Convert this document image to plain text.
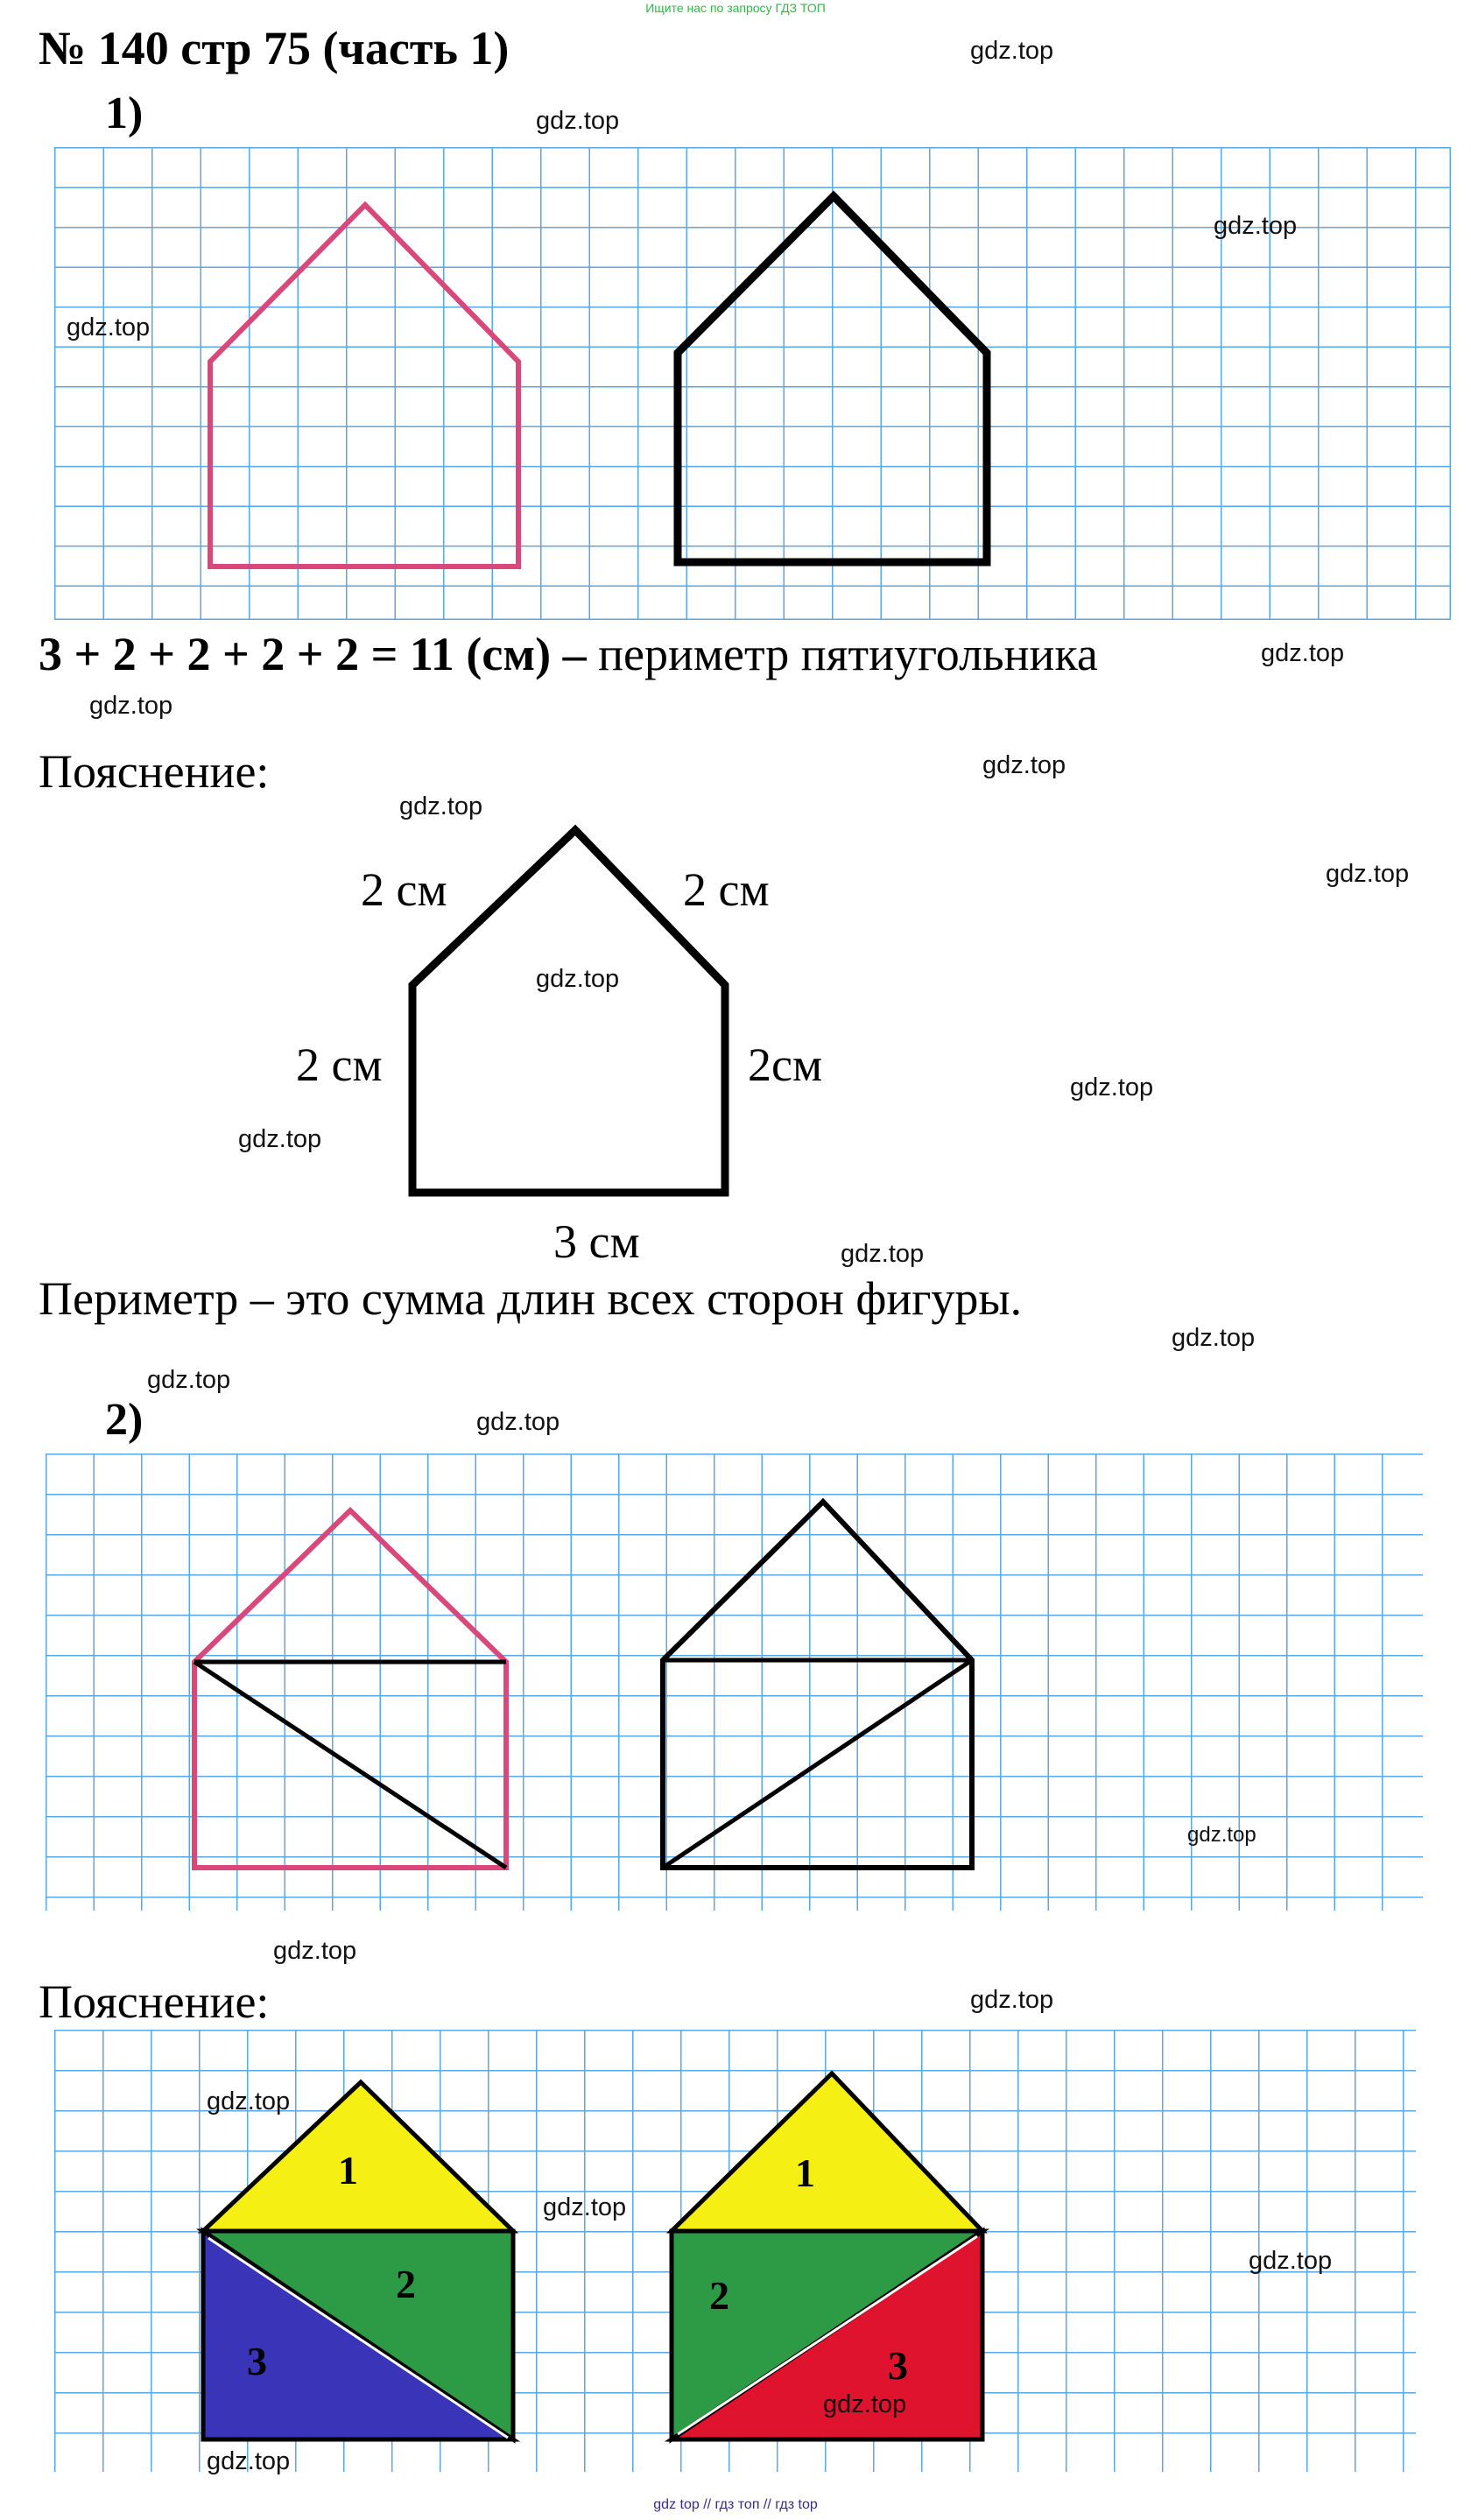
Ищите нас по запросу ГДЗ ТОП
№ 140 стр 75 (часть 1)
1)
3 + 2 + 2 + 2 + 2 = 11 (см) – периметр пятиугольника
Пояснение:
2 см	2 см
2 см	2см
3 см
Периметр – это сумма длин всех сторон фигуры.
2)
Пояснение:
1
2
3
1
2
3
gdz.top
gdz.top
gdz.top
gdz.top
gdz.top
gdz.top
gdz.top
gdz.top
gdz.top
gdz.top
gdz.top
gdz.top
gdz.top
gdz.top
gdz.top
gdz.top
gdz.top
gdz.top
gdz.top
gdz.top
gdz.top
gdz.top
gdz.top
gdz.top
gdz top // гдз топ // гдз top
